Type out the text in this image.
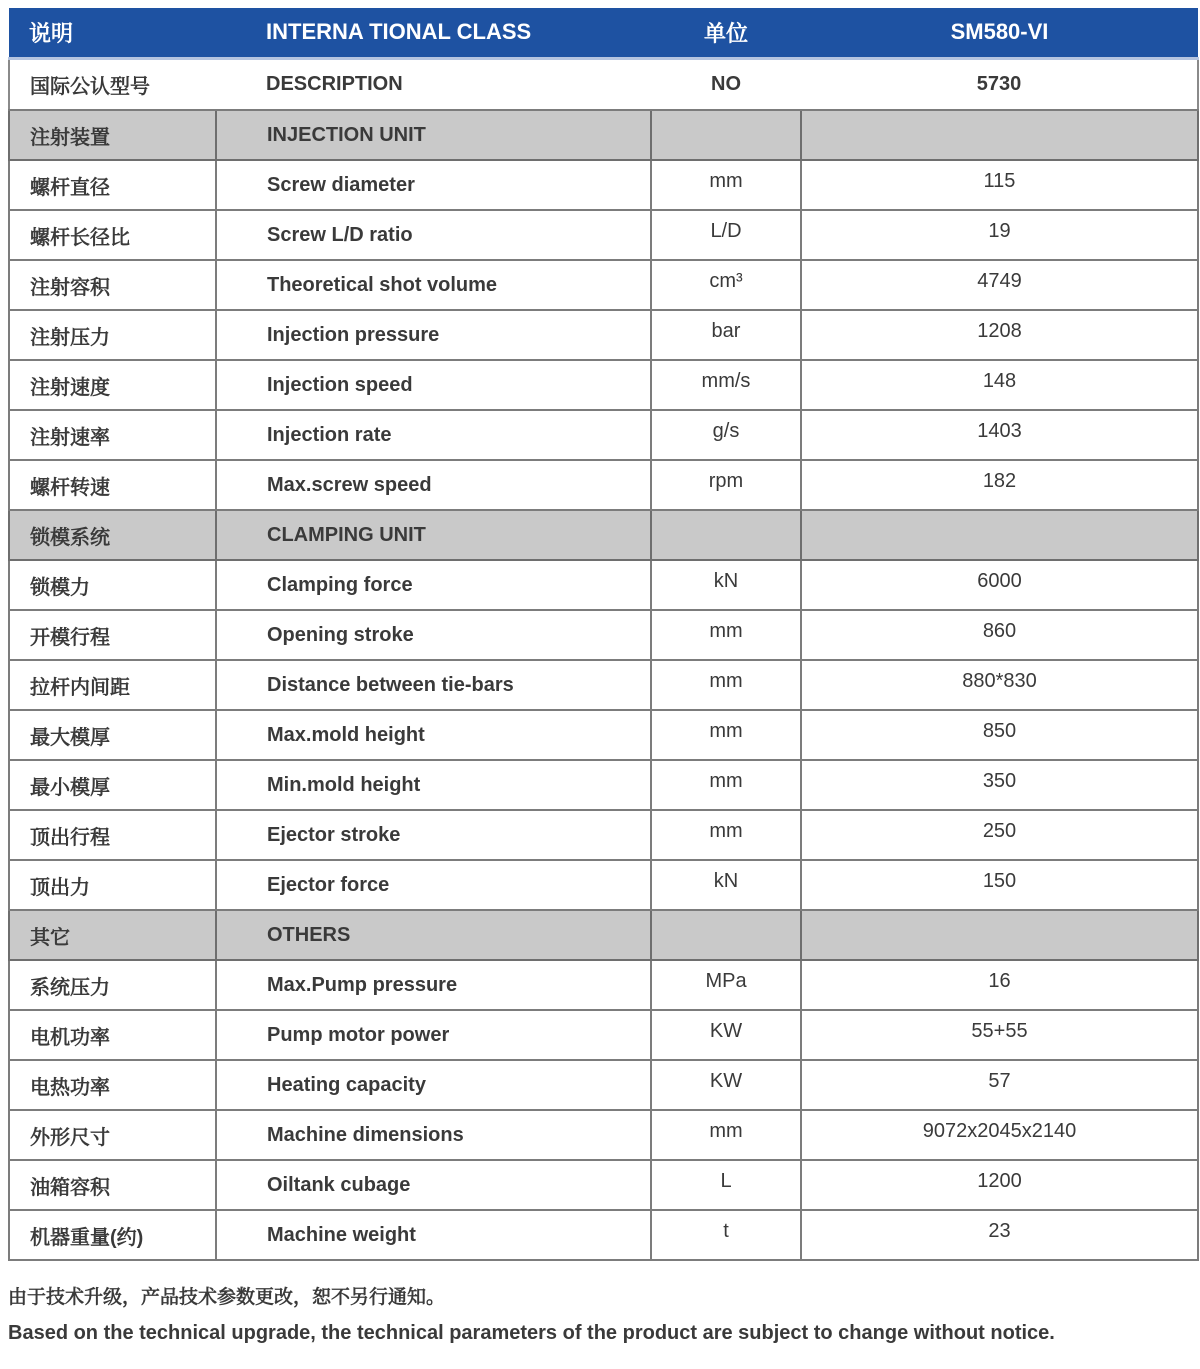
说明	INTERNA TIONAL CLASS	单位	SM580-VI
国际公认型号	DESCRIPTION	NO	5730
注射装置	INJECTION UNIT		
螺杆直径	Screw diameter	mm	115
螺杆长径比	Screw L/D ratio	L/D	19
注射容积	Theoretical shot volume	cm³	4749
注射压力	Injection pressure	bar	1208
注射速度	Injection speed	mm/s	148
注射速率	Injection rate	g/s	1403
螺杆转速	Max.screw speed	rpm	182
锁模系统	CLAMPING UNIT		
锁模力	Clamping force	kN	6000
开模行程	Opening stroke	mm	860
拉杆内间距	Distance between tie-bars	mm	880*830
最大模厚	Max.mold height	mm	850
最小模厚	Min.mold height	mm	350
顶出行程	Ejector stroke	mm	250
顶出力	Ejector force	kN	150
其它	OTHERS		
系统压力	Max.Pump pressure	MPa	16
电机功率	Pump motor power	KW	55+55
电热功率	Heating capacity	KW	57
外形尺寸	Machine dimensions	mm	9072x2045x2140
油箱容积	Oiltank cubage	L	1200
机器重量(约)	Machine weight	t	23
由于技术升级，产品技术参数更改，恕不另行通知。
Based on the technical upgrade, the technical parameters of the product are subject to change without notice.
